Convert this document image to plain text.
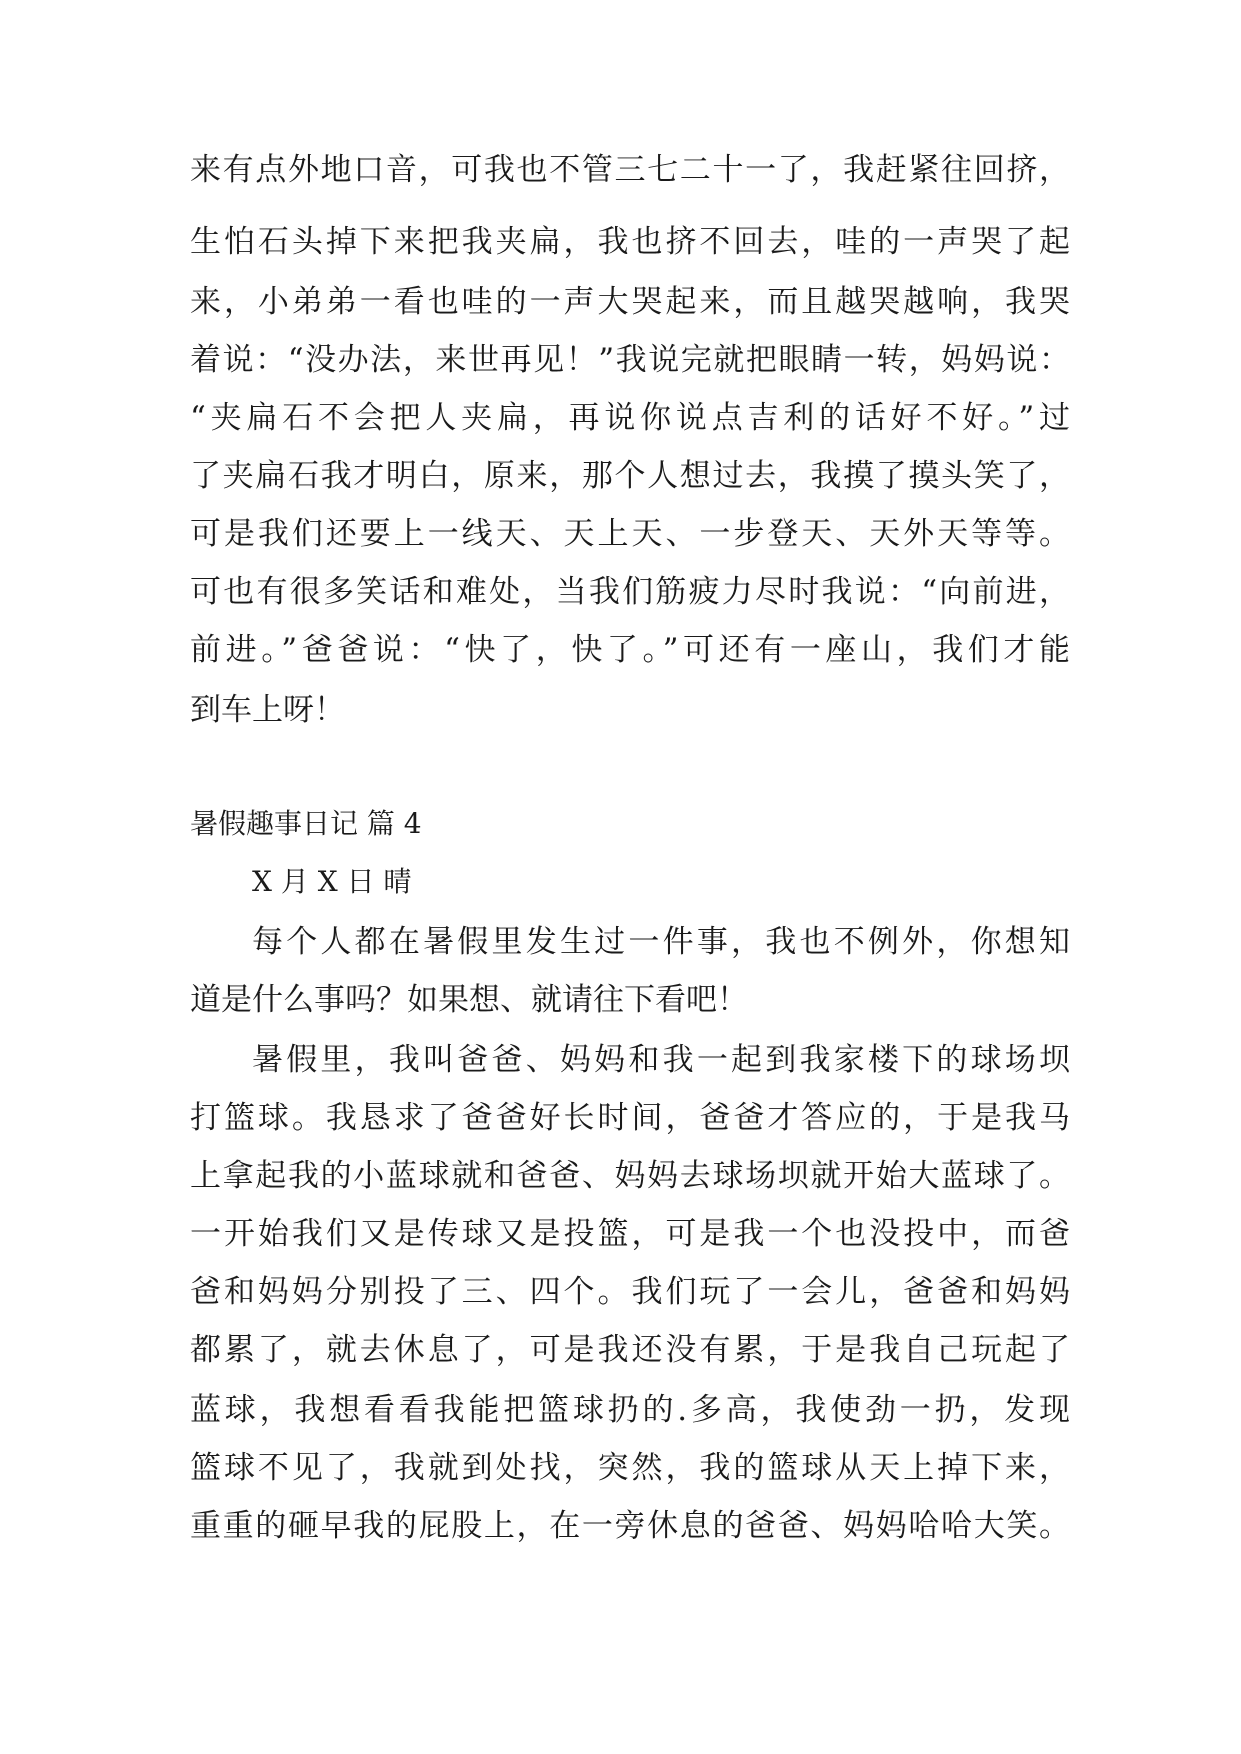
来有点外地口音，可我也不管三七二十一了，我赶紧往回挤，
生怕石头掉下来把我夹扁，我也挤不回去，哇的一声哭了起
来，小弟弟一看也哇的一声大哭起来，而且越哭越响，我哭
着说：“没办法，来世再见！”我说完就把眼睛一转，妈妈说：
“夹扁石不会把人夹扁，再说你说点吉利的话好不好。”过
了夹扁石我才明白，原来，那个人想过去，我摸了摸头笑了，
可是我们还要上一线天、天上天、一步登天、天外天等等。
可也有很多笑话和难处，当我们筋疲力尽时我说：“向前进，
前进。”爸爸说：“快了，快了。”可还有一座山，我们才能
到车上呀！
暑假趣事日记 篇 4
X 月 X 日 晴
每个人都在暑假里发生过一件事，我也不例外，你想知
道是什么事吗？如果想、就请往下看吧！
暑假里，我叫爸爸、妈妈和我一起到我家楼下的球场坝
打篮球。我恳求了爸爸好长时间，爸爸才答应的，于是我马
上拿起我的小蓝球就和爸爸、妈妈去球场坝就开始大蓝球了。
一开始我们又是传球又是投篮，可是我一个也没投中，而爸
爸和妈妈分别投了三、四个。我们玩了一会儿，爸爸和妈妈
都累了，就去休息了，可是我还没有累，于是我自己玩起了
蓝球，我想看看我能把篮球扔的.多高，我使劲一扔，发现
篮球不见了，我就到处找，突然，我的篮球从天上掉下来，
重重的砸早我的屁股上，在一旁休息的爸爸、妈妈哈哈大笑。
